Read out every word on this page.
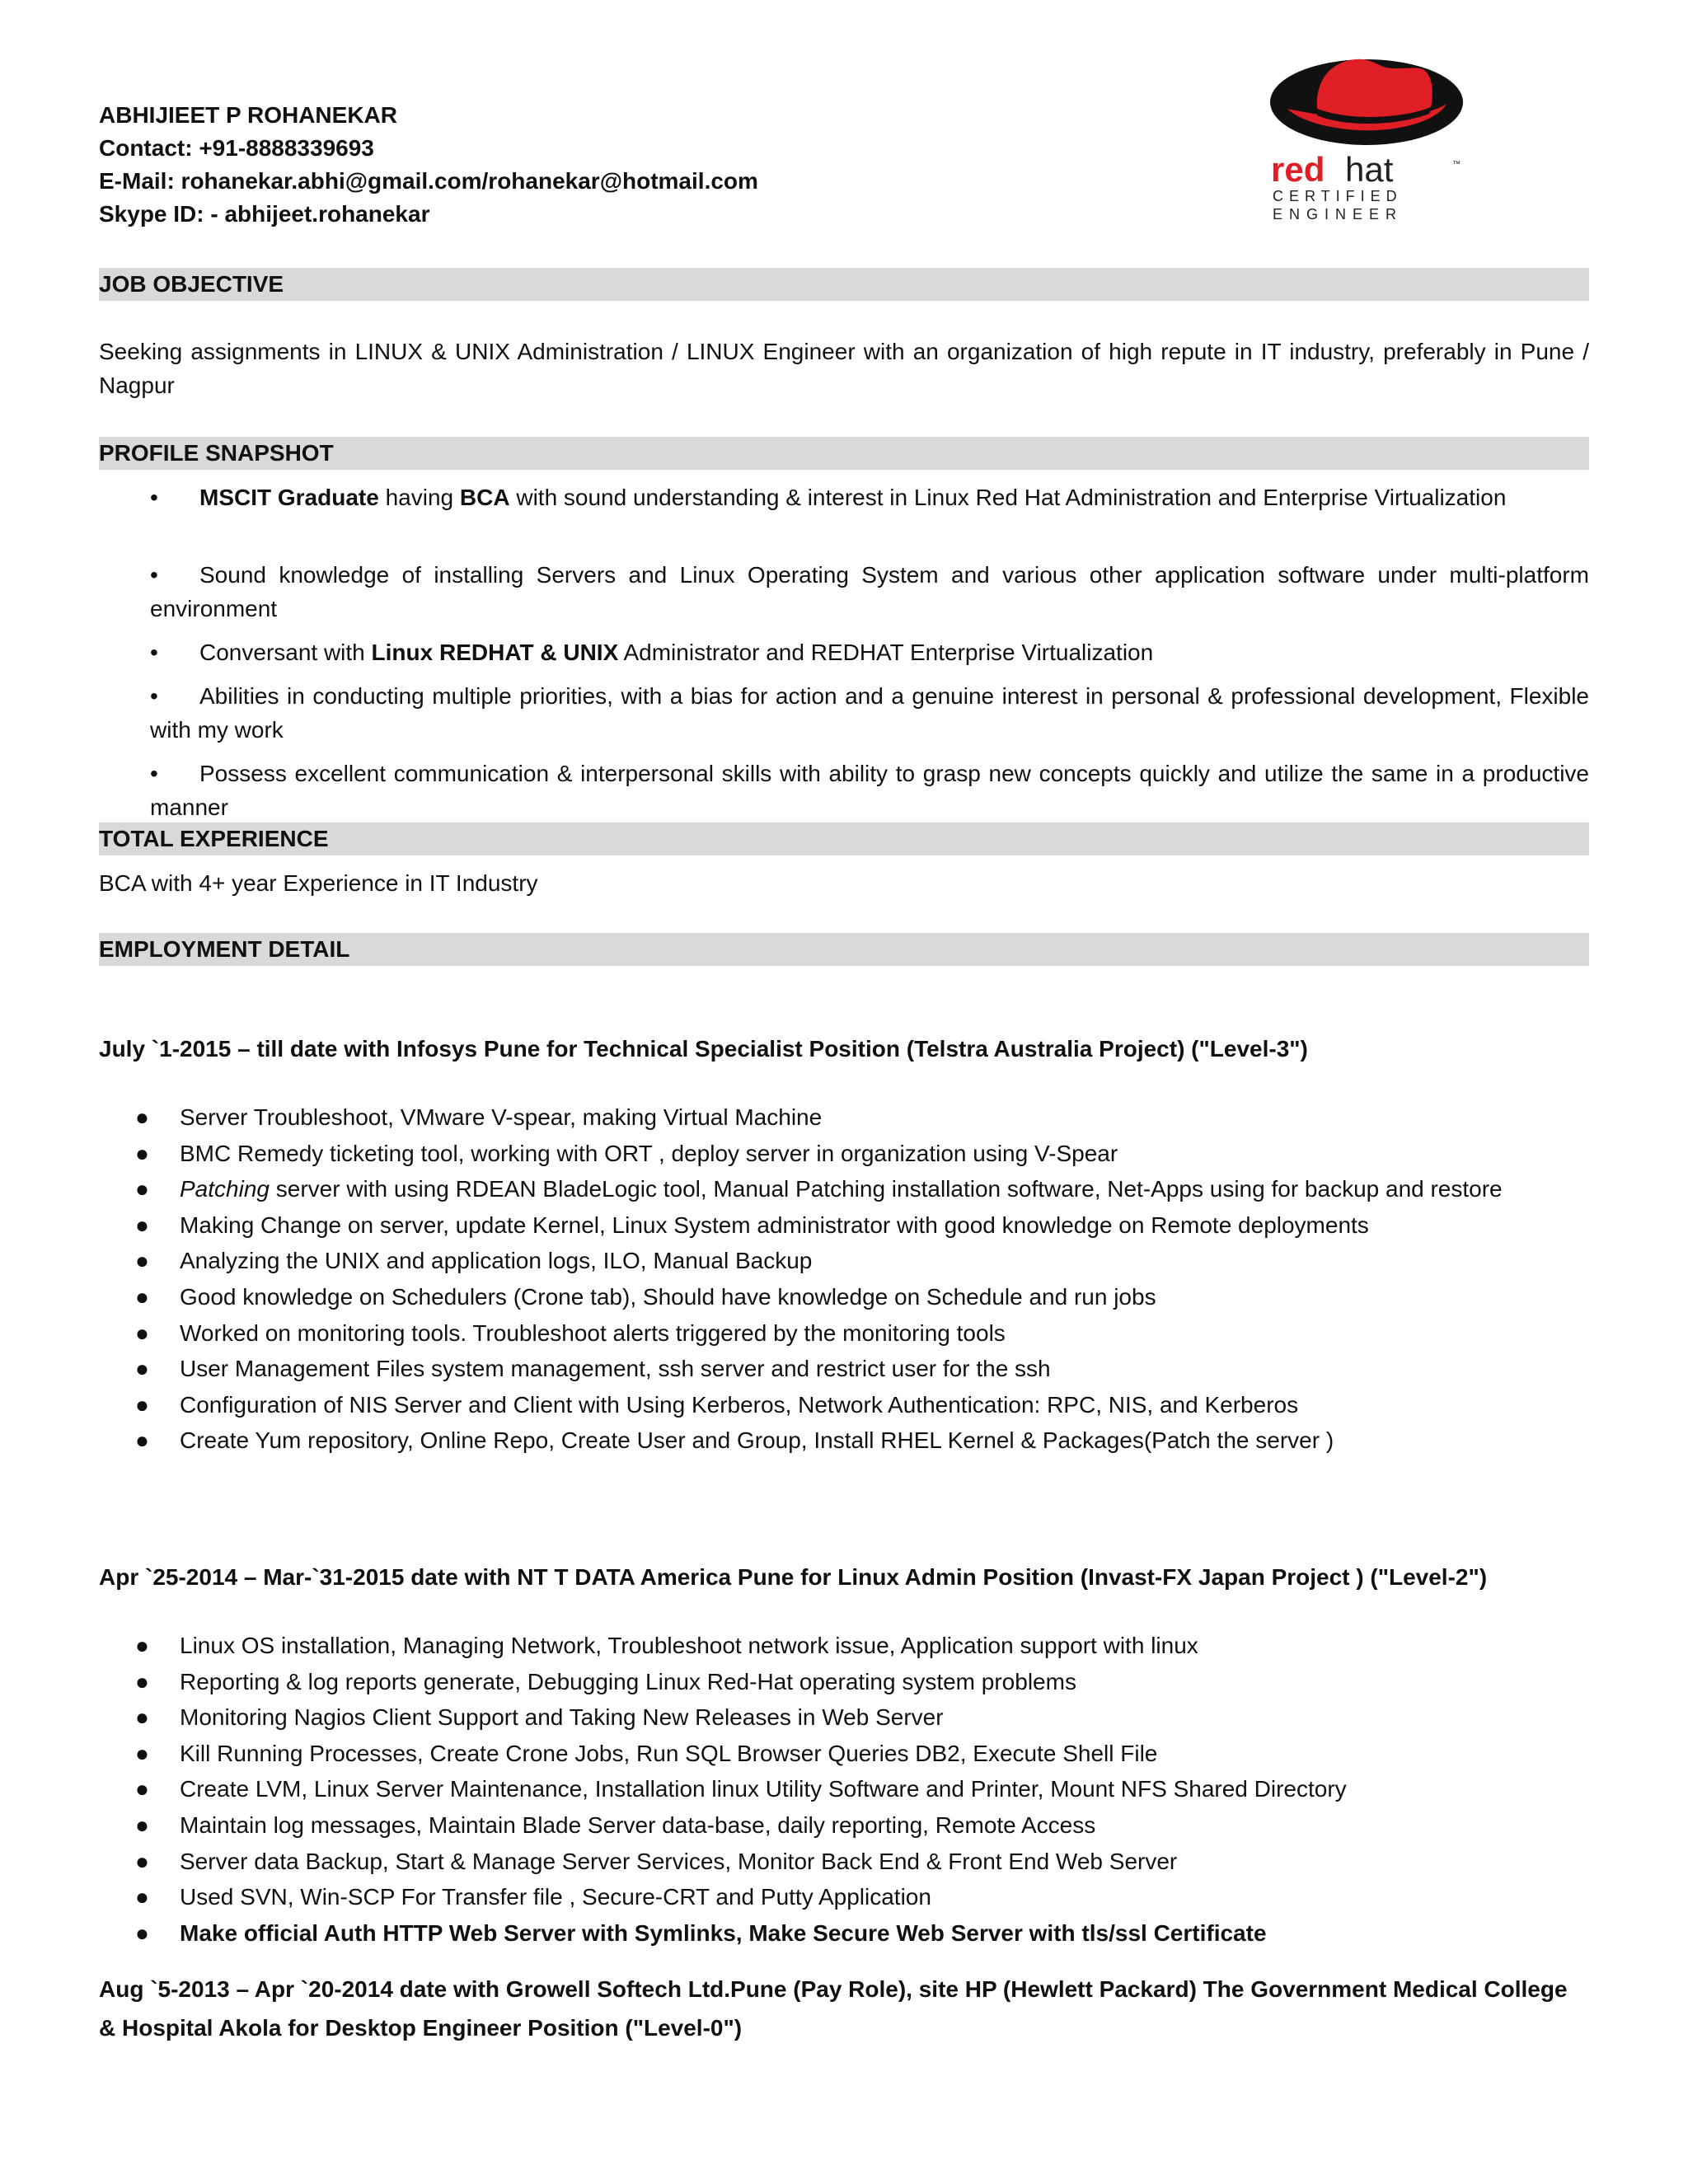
ABHIJIEET P ROHANEKAR
Contact: +91-8888339693
E-Mail: rohanekar.abhi@gmail.com/rohanekar@hotmail.com
Skype ID: - abhijeet.rohanekar
red hat	™
CERTIFIED
ENGINEER
JOB OBJECTIVE
Seeking assignments in LINUX & UNIX Administration / LINUX Engineer with an organization of high repute in IT industry, preferably in Pune / Nagpur
PROFILE SNAPSHOT
• MSCIT Graduate having BCA with sound understanding & interest in Linux Red Hat Administration and Enterprise Virtualization
• Sound knowledge of installing Servers and Linux Operating System and various other application software under multi-platform environment
• Conversant with Linux REDHAT & UNIX Administrator and REDHAT Enterprise Virtualization
• Abilities in conducting multiple priorities, with a bias for action and a genuine interest in personal & professional development, Flexible with my work
• Possess excellent communication & interpersonal skills with ability to grasp new concepts quickly and utilize the same in a productive manner
TOTAL EXPERIENCE
BCA with 4+ year Experience in IT Industry
EMPLOYMENT DETAIL
July `1-2015 – till date with Infosys Pune for Technical Specialist Position (Telstra Australia Project) ("Level-3")
● Server Troubleshoot, VMware V-spear, making Virtual Machine
● BMC Remedy ticketing tool, working with ORT , deploy server in organization using V-Spear
● Patching server with using RDEAN BladeLogic tool, Manual Patching installation software, Net-Apps using for backup and restore
● Making Change on server, update Kernel, Linux System administrator with good knowledge on Remote deployments
● Analyzing the UNIX and application logs, ILO, Manual Backup
● Good knowledge on Schedulers (Crone tab), Should have knowledge on Schedule and run jobs
● Worked on monitoring tools. Troubleshoot alerts triggered by the monitoring tools
● User Management Files system management, ssh server and restrict user for the ssh
● Configuration of NIS Server and Client with Using Kerberos, Network Authentication: RPC, NIS, and Kerberos
● Create Yum repository, Online Repo, Create User and Group, Install RHEL Kernel & Packages(Patch the server )
Apr `25-2014 – Mar-`31-2015 date with NT T DATA America Pune for Linux Admin Position (Invast-FX Japan Project ) ("Level-2")
● Linux OS installation, Managing Network, Troubleshoot network issue, Application support with linux
● Reporting & log reports generate, Debugging Linux Red-Hat operating system problems
● Monitoring Nagios Client Support and Taking New Releases in Web Server
● Kill Running Processes, Create Crone Jobs, Run SQL Browser Queries DB2, Execute Shell File
● Create LVM, Linux Server Maintenance, Installation linux Utility Software and Printer, Mount NFS Shared Directory
● Maintain log messages, Maintain Blade Server data-base, daily reporting, Remote Access
● Server data Backup, Start & Manage Server Services, Monitor Back End & Front End Web Server
● Used SVN, Win-SCP For Transfer file , Secure-CRT and Putty Application
● Make official Auth HTTP Web Server with Symlinks, Make Secure Web Server with tls/ssl Certificate
Aug `5-2013 – Apr `20-2014 date with Growell Softech Ltd.Pune (Pay Role), site HP (Hewlett Packard) The Government Medical College & Hospital Akola for Desktop Engineer Position ("Level-0")
